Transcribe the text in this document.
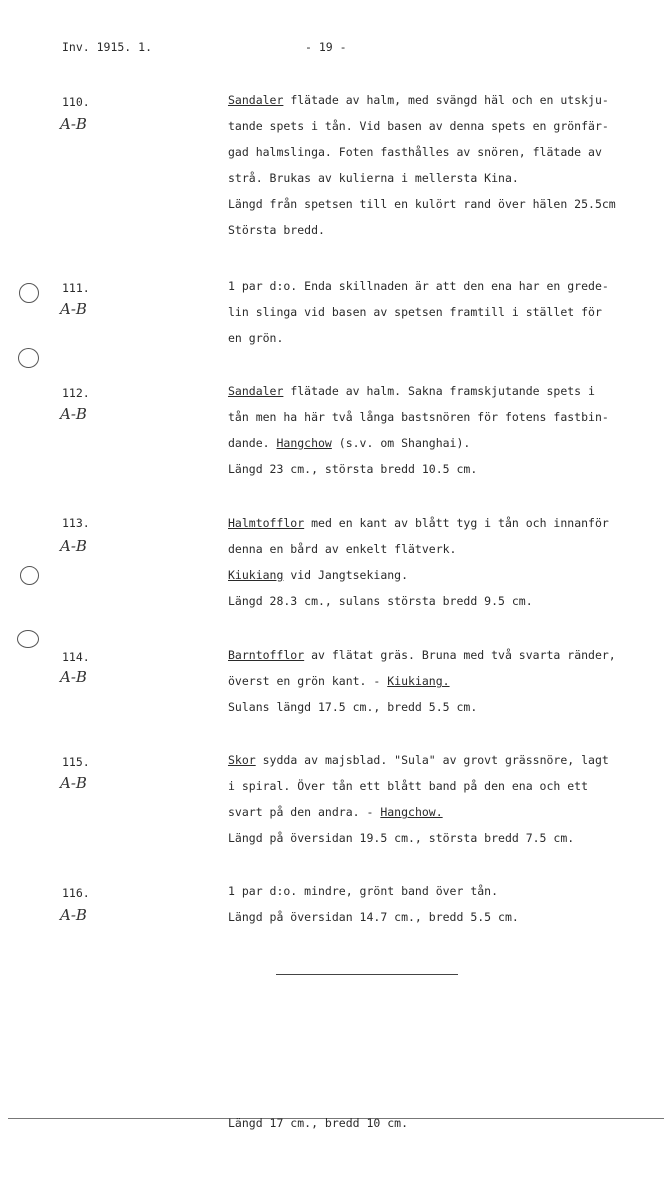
Inv. 1915. 1.	- 19 -
110.
A-B
Sandaler flätade av halm, med svängd häl och en utskju-
tande spets i tån. Vid basen av denna spets en grönfär-
gad halmslinga. Foten fasthålles av snören, flätade av
strå. Brukas av kulierna i mellersta Kina.
Längd från spetsen till en kulört rand över hälen 25.5cm
Största bredd.
111.
A-B
1 par d:o. Enda skillnaden är att den ena har en grede-
lin slinga vid basen av spetsen framtill i stället för
en grön.
112.
A-B
Sandaler flätade av halm. Sakna framskjutande spets i
tån men ha här två långa bastsnören för fotens fastbin-
dande. Hangchow (s.v. om Shanghai).
Längd 23 cm., största bredd 10.5 cm.
113.
A-B
Halmtofflor med en kant av blått tyg i tån och innanför
denna en bård av enkelt flätverk.
Kiukiang vid Jangtsekiang.
Längd 28.3 cm., sulans största bredd 9.5 cm.
114.
A-B
Barntofflor av flätat gräs. Bruna med två svarta ränder,
överst en grön kant. - Kiukiang.
Sulans längd 17.5 cm., bredd 5.5 cm.
115.
A-B
Skor sydda av majsblad. "Sula" av grovt grässnöre, lagt
i spiral. Över tån ett blått band på den ena och ett
svart på den andra. - Hangchow.
Längd på översidan 19.5 cm., största bredd 7.5 cm.
116.
A-B
1 par d:o. mindre, grönt band över tån.
Längd på översidan 14.7 cm., bredd 5.5 cm.
Längd 17 cm., bredd 10 cm.
